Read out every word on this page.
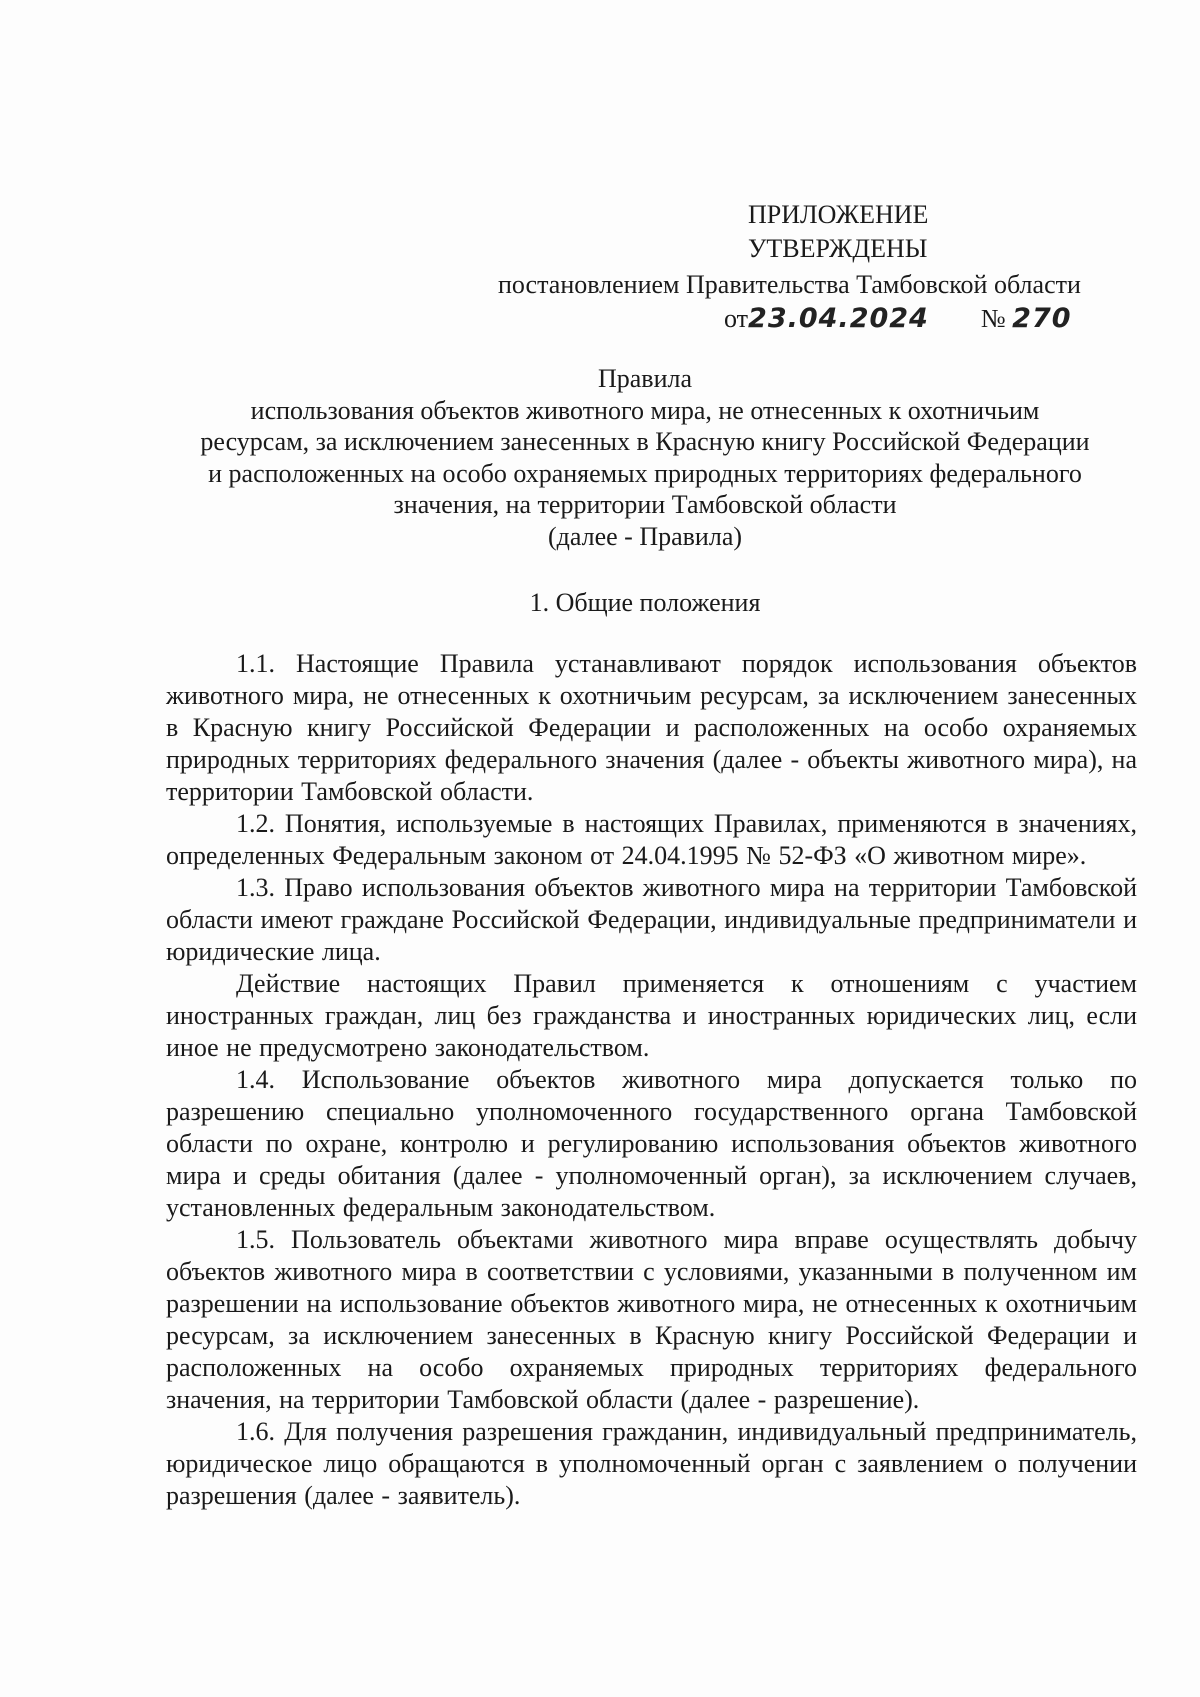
ПРИЛОЖЕНИЕ
УТВЕРЖДЕНЫ
постановлением Правительства Тамбовской области
от23.04.2024 № 270
Правила
использования объектов животного мира, не отнесенных к охотничьим
ресурсам, за исключением занесенных в Красную книгу Российской Федерации
и расположенных на особо охраняемых природных территориях федерального
значения, на территории Тамбовской области
(далее - Правила)
1. Общие положения

1.1. Настоящие Правила устанавливают порядок использования объектов животного мира, не отнесенных к охотничьим ресурсам, за исключением занесенных в Красную книгу Российской Федерации и расположенных на особо охраняемых природных территориях федерального значения (далее - объекты животного мира), на территории Тамбовской области.

1.2. Понятия, используемые в настоящих Правилах, применяются в значениях, определенных Федеральным законом от 24.04.1995 № 52-ФЗ «О животном мире».

1.3. Право использования объектов животного мира на территории Тамбовской области имеют граждане Российской Федерации, индивидуальные предприниматели и юридические лица.

Действие настоящих Правил применяется к отношениям с участием иностранных граждан, лиц без гражданства и иностранных юридических лиц, если иное не предусмотрено законодательством.

1.4. Использование объектов животного мира допускается только по разрешению специально уполномоченного государственного органа Тамбовской области по охране, контролю и регулированию использования объектов животного мира и среды обитания (далее - уполномоченный орган), за исключением случаев, установленных федеральным законодательством.

1.5. Пользователь объектами животного мира вправе осуществлять добычу объектов животного мира в соответствии с условиями, указанными в полученном им разрешении на использование объектов животного мира, не отнесенных к охотничьим ресурсам, за исключением занесенных в Красную книгу Российской Федерации и расположенных на особо охраняемых природных территориях федерального значения, на территории Тамбовской области (далее - разрешение).

1.6. Для получения разрешения гражданин, индивидуальный предприниматель, юридическое лицо обращаются в уполномоченный орган с заявлением о получении разрешения (далее - заявитель).
